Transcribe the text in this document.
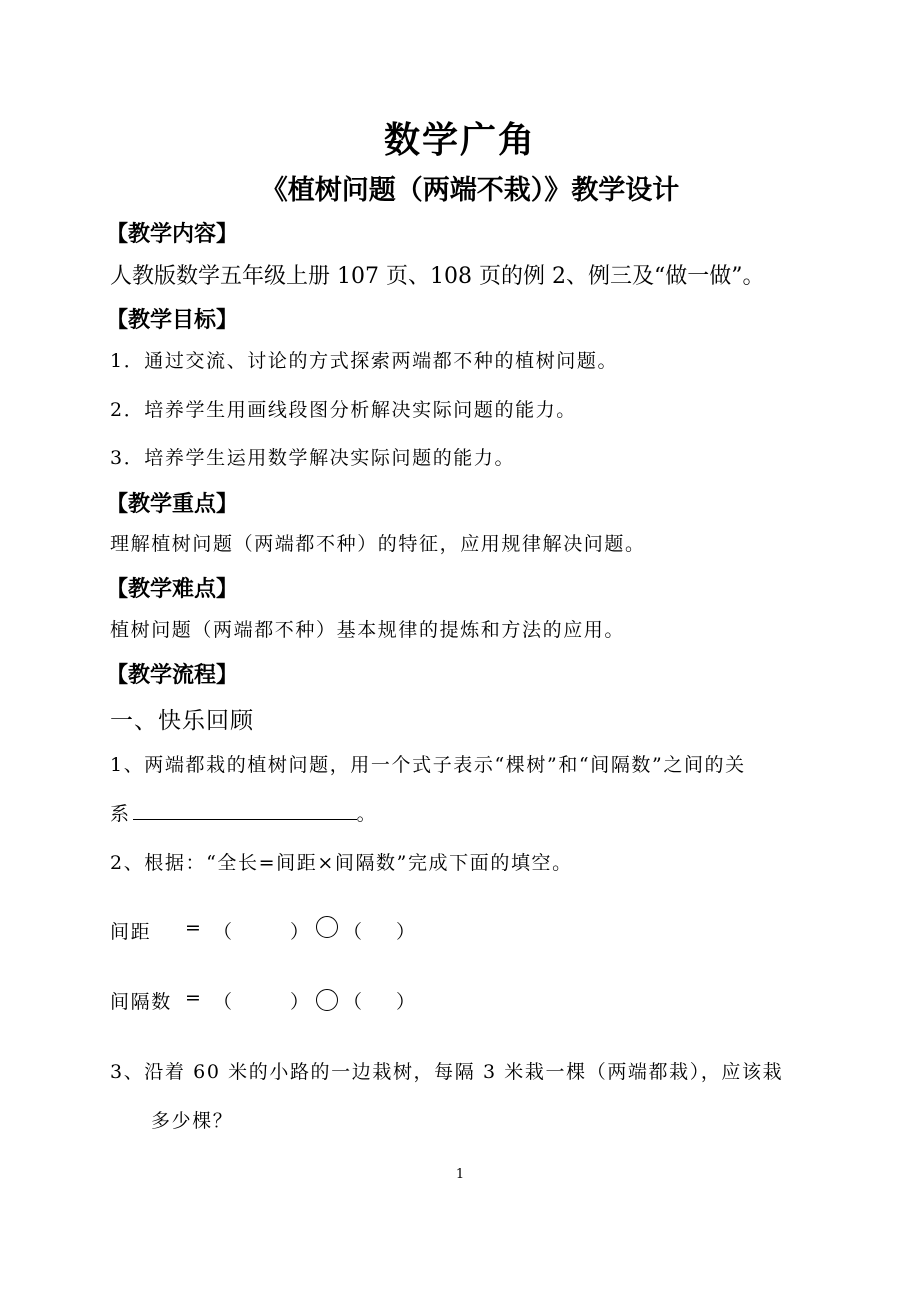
数学广角
《植树问题（两端不栽）》教学设计
【教学内容】
人教版数学五年级上册 107 页、108 页的例 2、例三及“做一做”。
【教学目标】
1．通过交流、讨论的方式探索两端都不种的植树问题。
2．培养学生用画线段图分析解决实际问题的能力。
3．培养学生运用数学解决实际问题的能力。
【教学重点】
理解植树问题（两端都不种）的特征，应用规律解决问题。
【教学难点】
植树问题（两端都不种）基本规律的提炼和方法的应用。
【教学流程】
一、快乐回顾
1、两端都栽的植树问题，用一个式子表示“棵树”和“间隔数”之间的关
系	。
2、根据：“全长=间距×间隔数”完成下面的填空。
间距 = （	） （ ）
间隔数 = （	） （ ）
3、沿着 60 米的小路的一边栽树，每隔 3 米栽一棵（两端都栽），应该栽
多少棵？
1
